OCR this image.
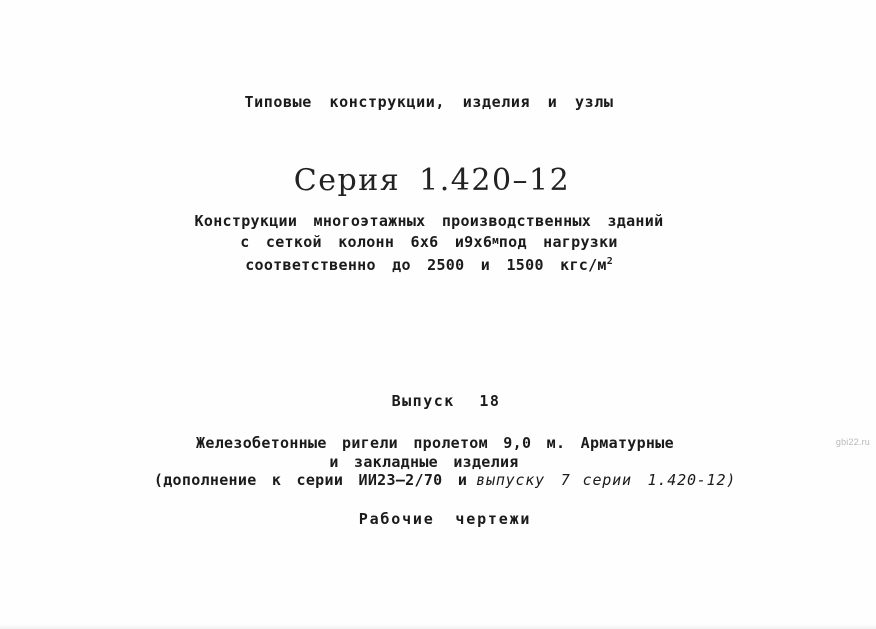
Типовые конструкции, изделия и узлы
Серия 1.420–12
Конструкции многоэтажных производственных зданий
с сеткой колонн 6х6 $и9х6^мпод$ нагрузки
соответственно до 2500 и 1500 кгс/$м^2$
Выпуск 18
Железобетонные ригели пролетом 9,0 м. Арматурные
и закладные изделия
(дополнение к серии ИИ23–2/70 и выпуску 7 серии 1.420-12)
Рабочие чертежи
gbi22.ru
